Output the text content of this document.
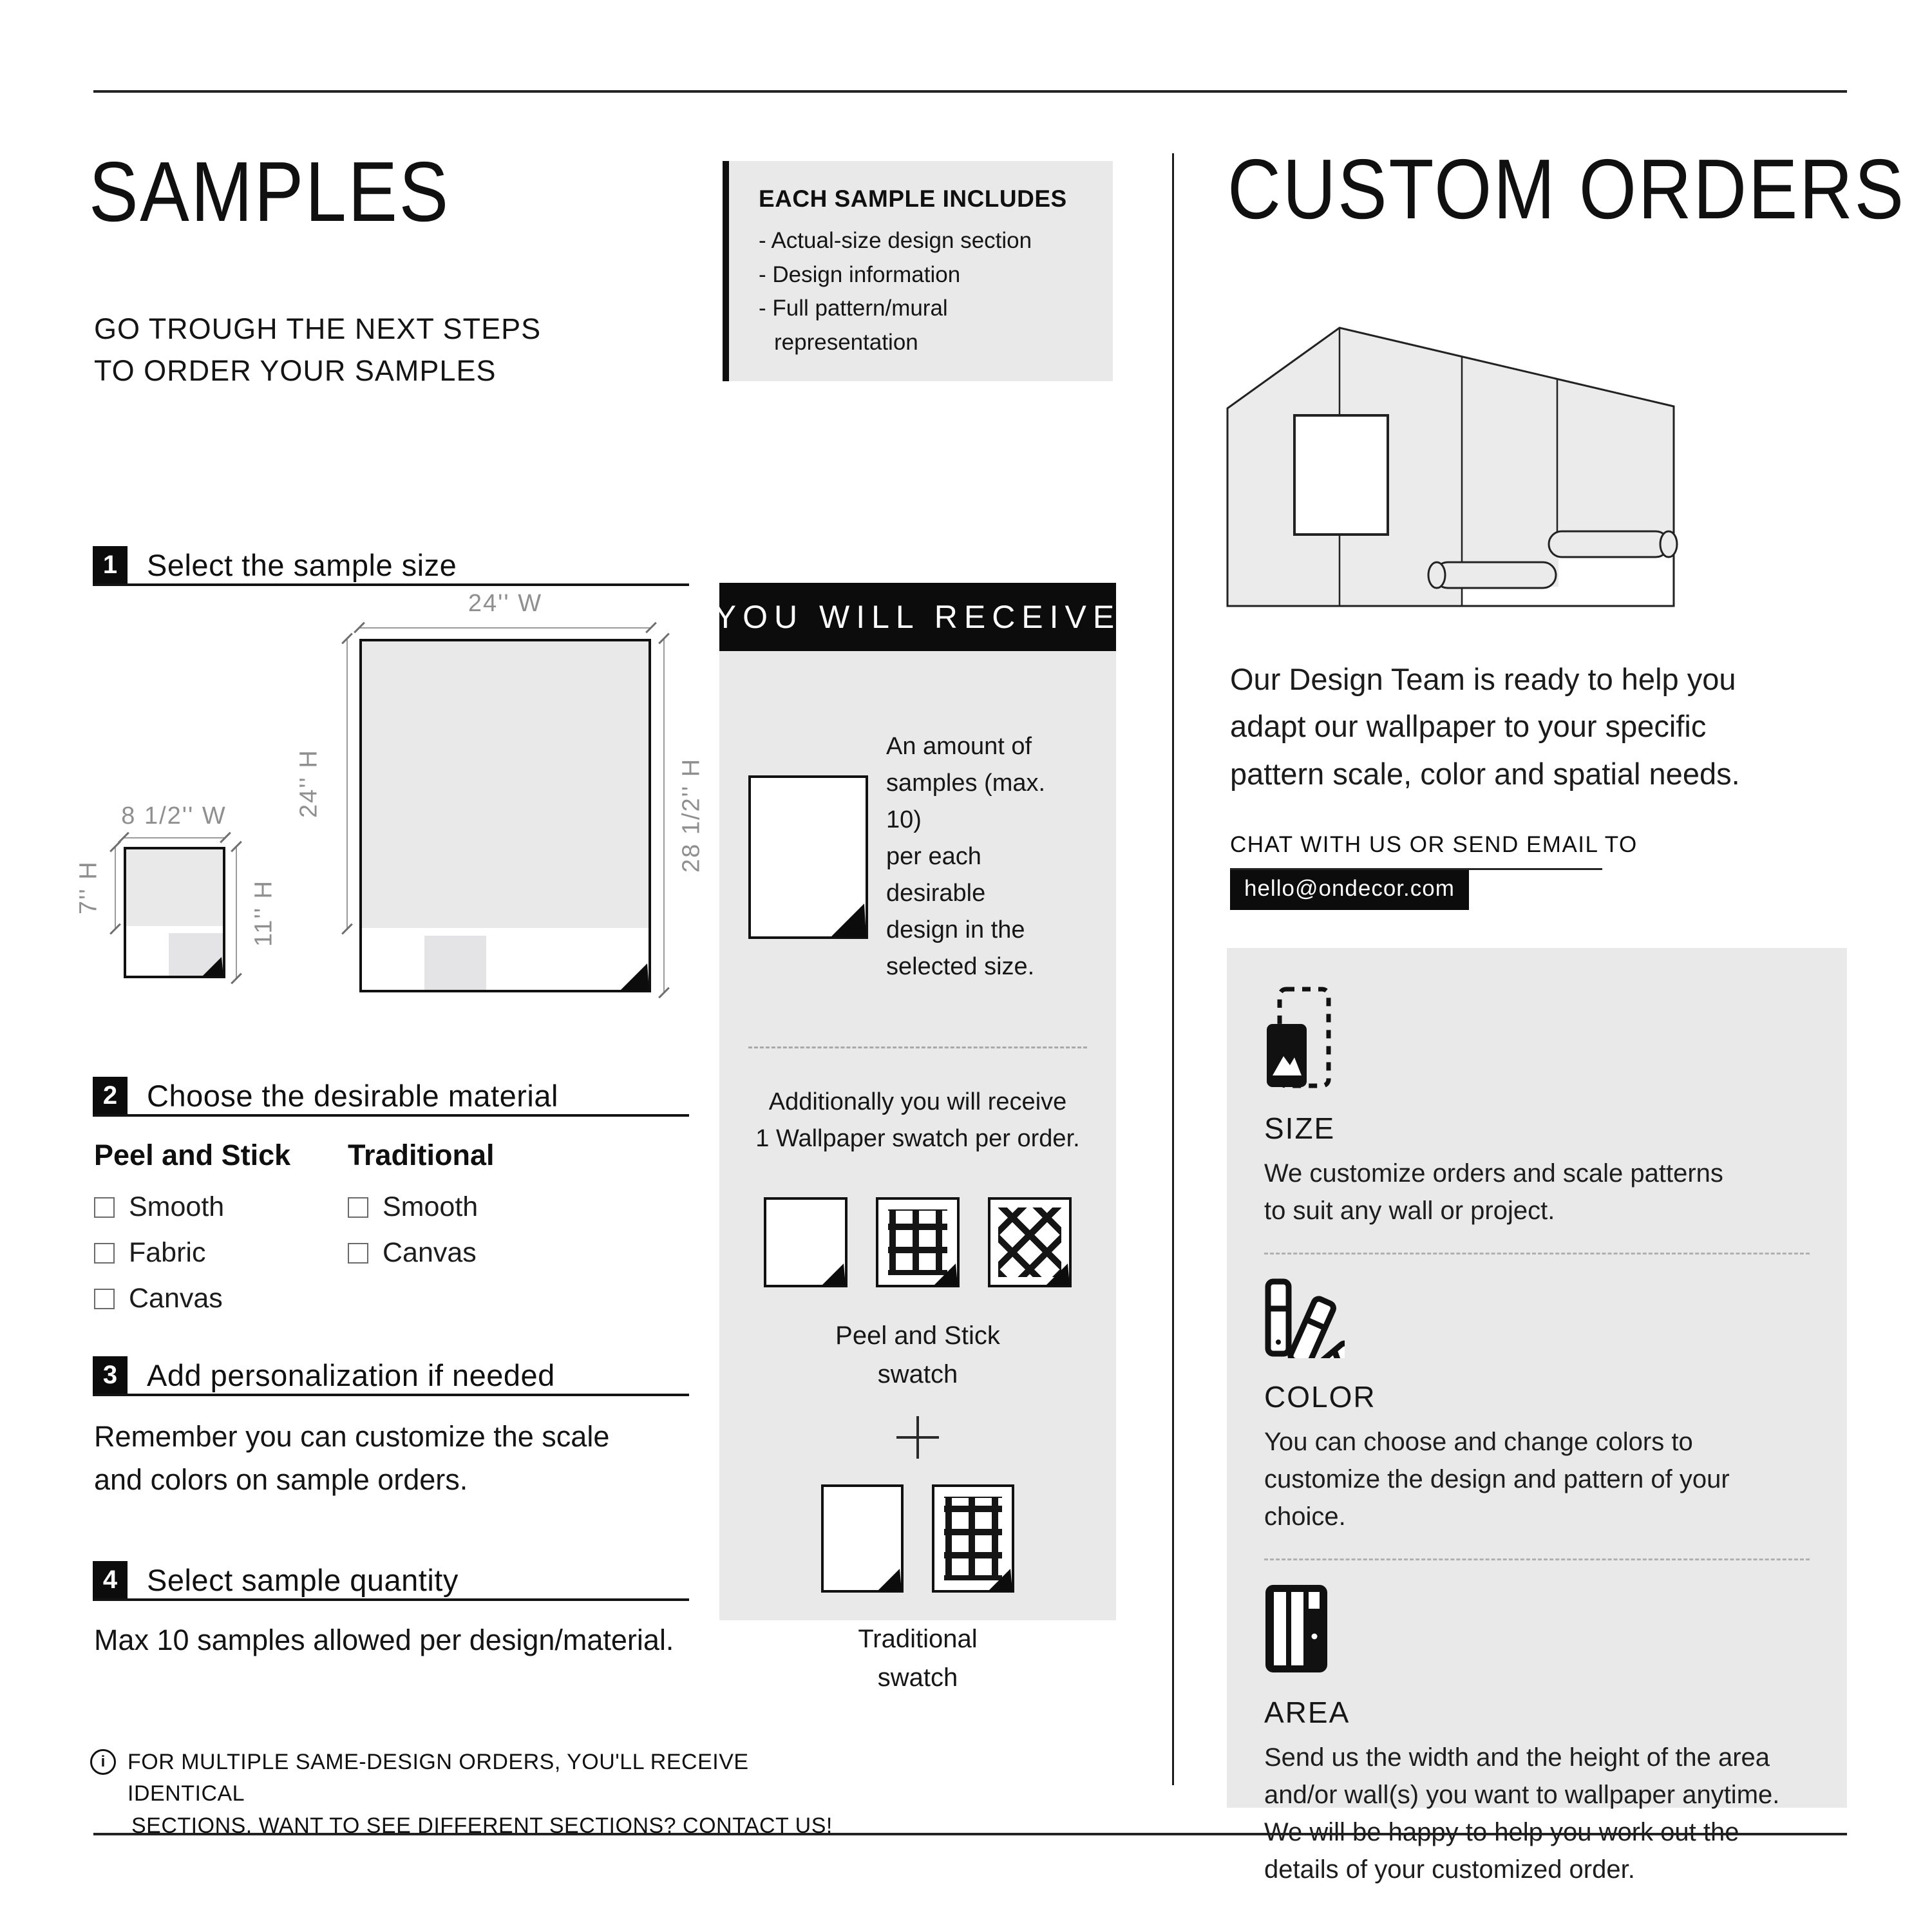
SAMPLES
GO TROUGH THE NEXT STEPS
TO ORDER YOUR SAMPLES
EACH SAMPLE INCLUDES
- Actual-size design section
- Design information
- Full pattern/mural
representation
1 Select the sample size
24'' W
24'' H	28 1/2'' H
8 1/2'' W
7'' H	11'' H
2 Choose the desirable material
Peel and Stick
Smooth
Fabric
Canvas
Traditional
Smooth
Canvas
3 Add personalization if needed
Remember you can customize the scale
and colors on sample orders.
4 Select sample quantity
Max 10 samples allowed per design/material.
i	FOR MULTIPLE SAME-DESIGN ORDERS, YOU'LL RECEIVE IDENTICAL
SECTIONS. WANT TO SEE DIFFERENT SECTIONS? CONTACT US!
YOU WILL RECEIVE
An amount of
samples (max. 10)
per each desirable
design in the
selected size.
Additionally you will receive
1 Wallpaper swatch per order.
Peel and Stick
swatch
Traditional
swatch
CUSTOM ORDERS
Our Design Team is ready to help you
adapt our wallpaper to your specific
pattern scale, color and spatial needs.
CHAT WITH US OR SEND EMAIL TO
hello@ondecor.com
SIZE
We customize orders and scale patterns
to suit any wall or project.
COLOR
You can choose and change colors to
customize the design and pattern of your
choice.
AREA
Send us the width and the height of the area
and/or wall(s) you want to wallpaper anytime.
We will be happy to help you work out the
details of your customized order.
